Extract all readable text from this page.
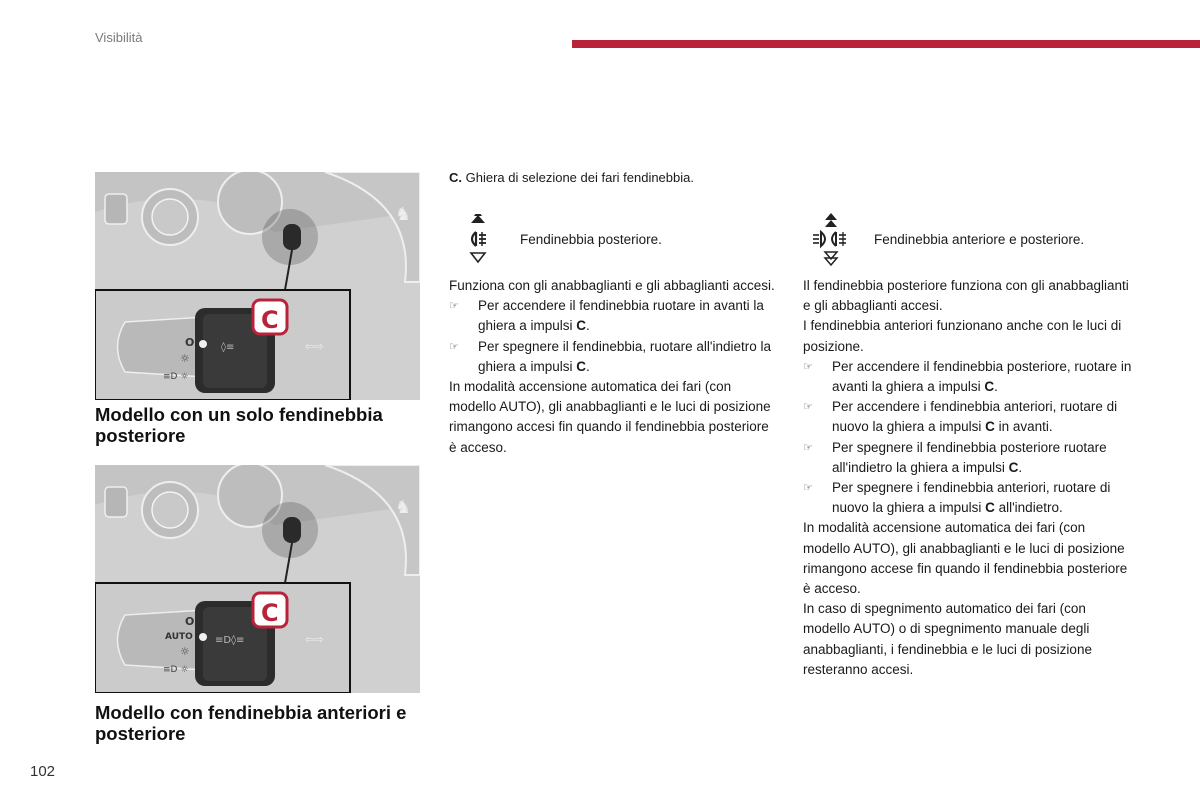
Visibilità
♞
O
☼
≡D ☼
◊≡	⇦⇨
C
Modello con un solo fendinebbia posteriore
♞
O
AUTO
☼
≡D ☼
≡D◊≡	⇦⇨
C
Modello con fendinebbia anteriori e posteriore
C. Ghiera di selezione dei fari fendinebbia.
Fendinebbia posteriore.	Fendinebbia anteriore e posteriore.

Funziona con gli anabbaglianti e gli abbaglianti accesi.

☞ Per accendere il fendinebbia ruotare in avanti la ghiera a impulsi C.

☞ Per spegnere il fendinebbia, ruotare all'indietro la ghiera a impulsi C.

In modalità accensione automatica dei fari (con modello AUTO), gli anabbaglianti e le luci di posizione rimangono accesi fin quando il fendinebbia posteriore è acceso.

Il fendinebbia posteriore funziona con gli anabbaglianti e gli abbaglianti accesi.

I fendinebbia anteriori funzionano anche con le luci di posizione.

☞ Per accendere il fendinebbia posteriore, ruotare in avanti la ghiera a impulsi C.

☞ Per accendere i fendinebbia anteriori, ruotare di nuovo la ghiera a impulsi C in avanti.

☞ Per spegnere il fendinebbia posteriore ruotare all'indietro la ghiera a impulsi C.

☞ Per spegnere i fendinebbia anteriori, ruotare di nuovo la ghiera a impulsi C all'indietro.

In modalità accensione automatica dei fari (con modello AUTO), gli anabbaglianti e le luci di posizione rimangono accese fin quando il fendinebbia posteriore è acceso.

In caso di spegnimento automatico dei fari (con modello AUTO) o di spegnimento manuale degli anabbaglianti, i fendinebbia e le luci di posizione resteranno accesi.

102
